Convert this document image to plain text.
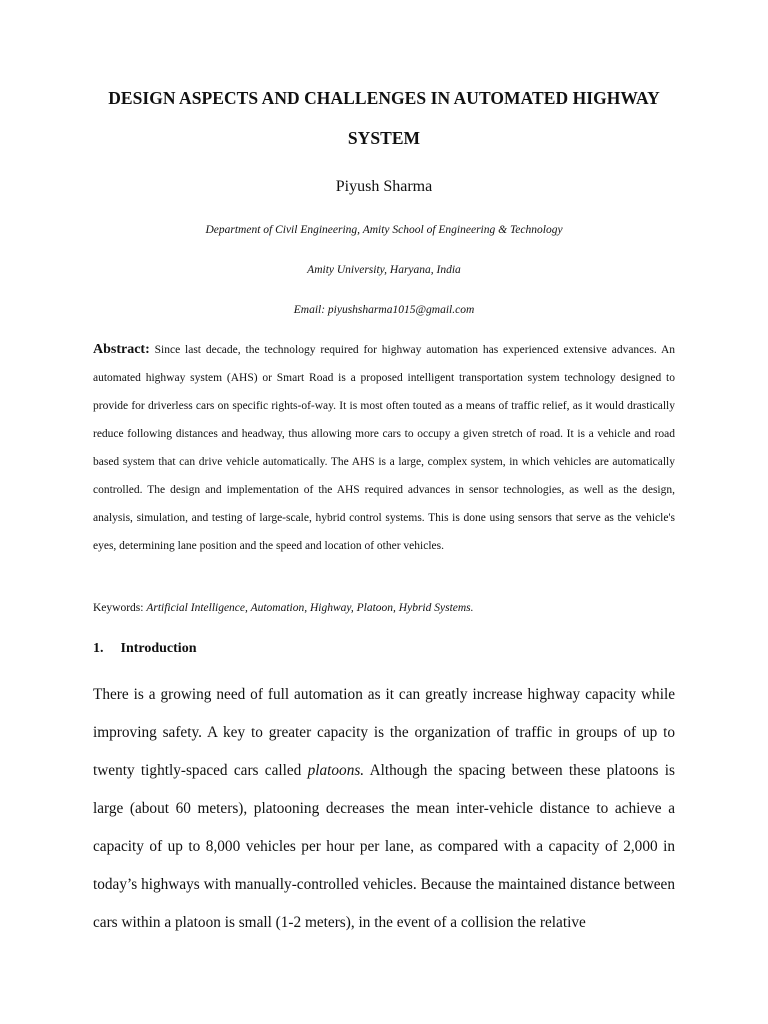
DESIGN ASPECTS AND CHALLENGES IN AUTOMATED HIGHWAY
SYSTEM
Piyush Sharma
Department of Civil Engineering, Amity School of Engineering & Technology
Amity University, Haryana, India
Email: piyushsharma1015@gmail.com

Abstract: Since last decade, the technology required for highway automation has experienced extensive advances. An automated highway system (AHS) or Smart Road is a proposed intelligent transportation system technology designed to provide for driverless cars on specific rights-of-way. It is most often touted as a means of traffic relief, as it would drastically reduce following distances and headway, thus allowing more cars to occupy a given stretch of road. It is a vehicle and road based system that can drive vehicle automatically. The AHS is a large, complex system, in which vehicles are automatically controlled. The design and implementation of the AHS required advances in sensor technologies, as well as the design, analysis, simulation, and testing of large-scale, hybrid control systems. This is done using sensors that serve as the vehicle's eyes, determining lane position and the speed and location of other vehicles.

Keywords: Artificial Intelligence, Automation, Highway, Platoon, Hybrid Systems.
1. Introduction

There is a growing need of full automation as it can greatly increase highway capacity while improving safety. A key to greater capacity is the organization of traffic in groups of up to twenty tightly-spaced cars called platoons. Although the spacing between these platoons is large (about 60 meters), platooning decreases the mean inter-vehicle distance to achieve a capacity of up to 8,000 vehicles per hour per lane, as compared with a capacity of 2,000 in today’s highways with manually-controlled vehicles. Because the maintained distance between cars within a platoon is small (1-2 meters), in the event of a collision the relative
